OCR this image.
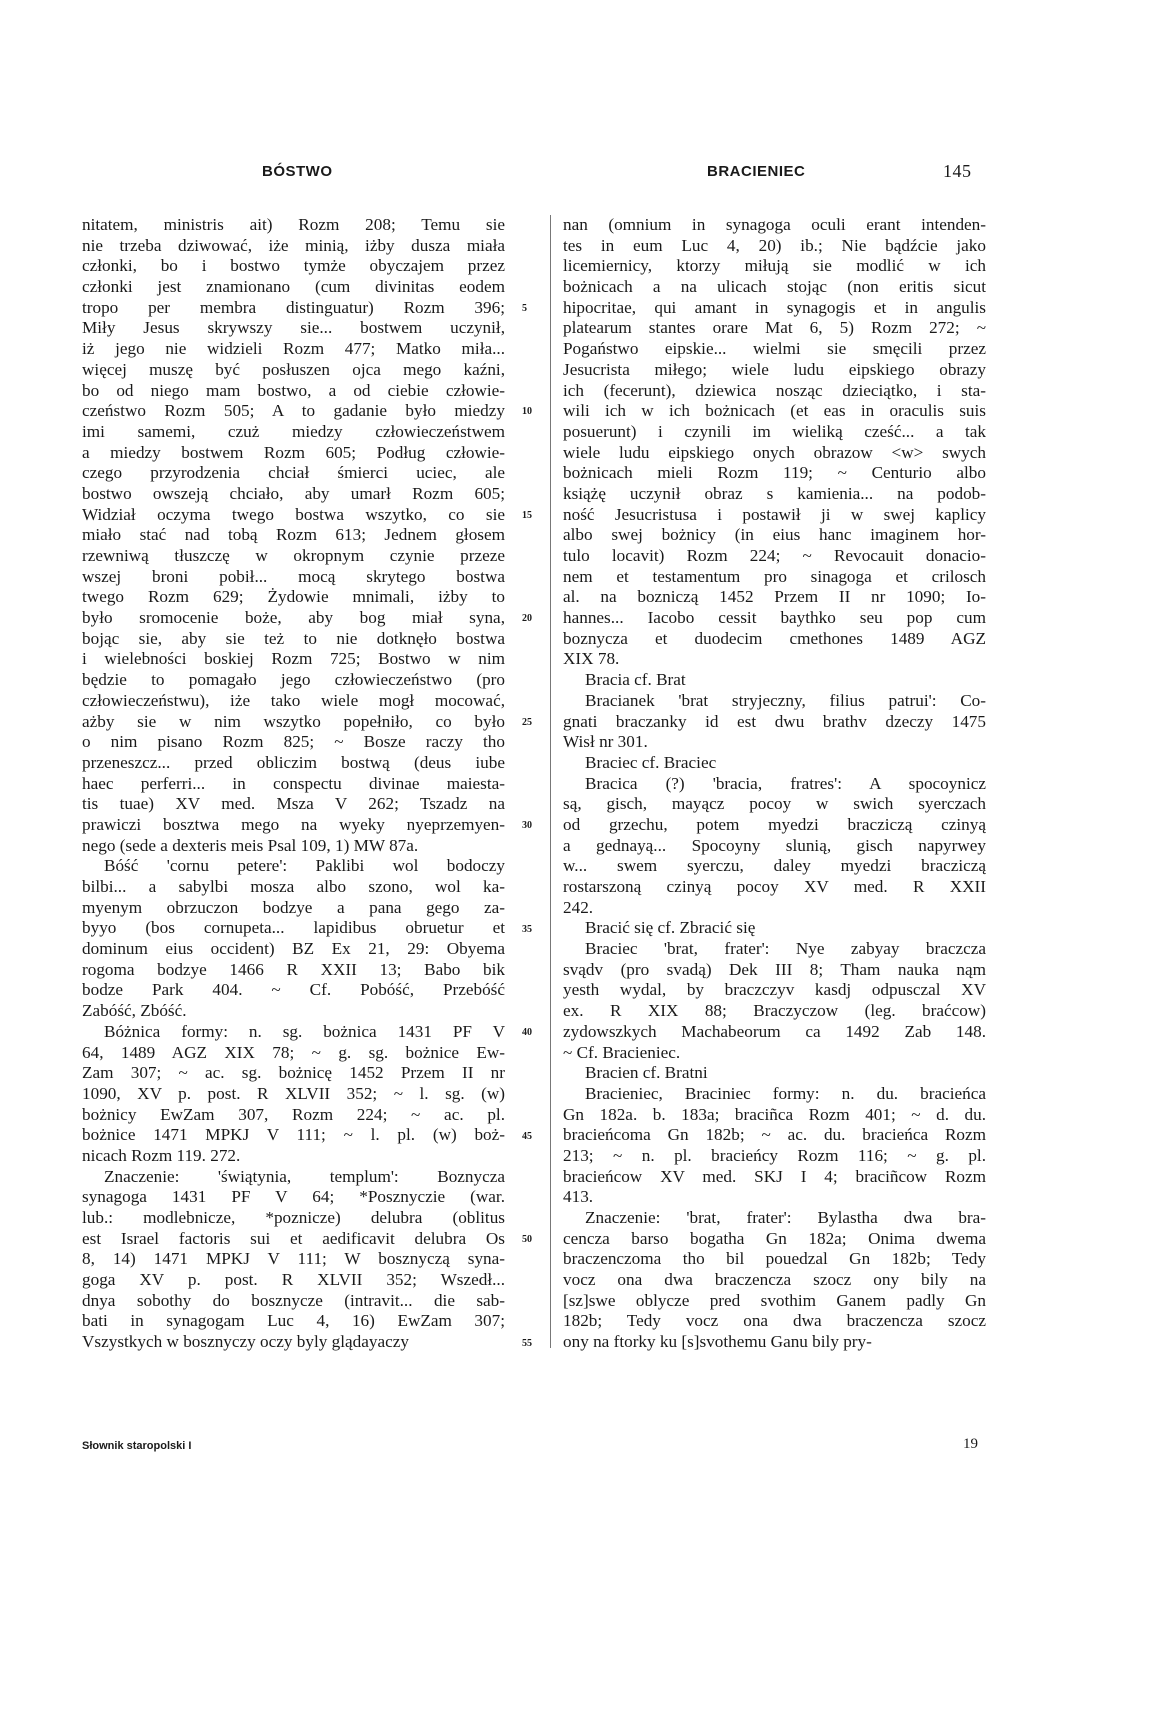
BÓSTWO	BRACIENIEC	145
nitatem, ministris ait) Rozm 208; Temu sie
nie trzeba dziwować, iże minią, iżby dusza miała
członki, bo i bostwo tymże obyczajem przez
członki jest znamionano (cum divinitas eodem
tropo per membra distinguatur) Rozm 396;
Miły Jesus skrywszy sie... bostwem uczynił,
iż jego nie widzieli Rozm 477; Matko miła...
więcej muszę być posłuszen ojca mego kaźni,
bo od niego mam bostwo, a od ciebie człowie-
czeństwo Rozm 505; A to gadanie było miedzy
imi samemi, czuż miedzy człowieczeństwem
a miedzy bostwem Rozm 605; Podług człowie-
czego przyrodzenia chciał śmierci uciec, ale
bostwo owszeją chciało, aby umarł Rozm 605;
Widział oczyma twego bostwa wszytko, co sie
miało stać nad tobą Rozm 613; Jednem głosem
rzewniwą tłuszczę w okropnym czynie przeze
wszej broni pobił... mocą skrytego bostwa
twego Rozm 629; Żydowie mnimali, iżby to
było sromocenie boże, aby bog miał syna,
bojąc sie, aby sie też to nie dotknęło bostwa
i wielebności boskiej Rozm 725; Bostwo w nim
będzie to pomagało jego człowieczeństwo (pro
człowieczeństwu), iże tako wiele mogł mocować,
ażby sie w nim wszytko popełniło, co było
o nim pisano Rozm 825; ~ Bosze raczy tho
przeneszcz... przed obliczim bostwą (deus iube
haec perferri... in conspectu divinae maiesta-
tis tuae) XV med. Msza V 262; Tszadz na
prawiczi bosztwa mego na wyeky nyeprzemyen-
nego (sede a dexteris meis Psal 109, 1) MW 87a.
Bóść 'cornu petere': Paklibi wol bodoczy
bilbi... a sabylbi mosza albo szono, wol ka-
myenym obrzuczon bodzye a pana gego za-
byyo (bos cornupeta... lapidibus obruetur et
dominum eius occident) BZ Ex 21, 29: Obyema
rogoma bodzye 1466 R XXII 13; Babo bik
bodze Park 404. ~ Cf. Pobóść, Przebóść
Zabóść, Zbóść.
Bóżnica formy: n. sg. bożnica 1431 PF V
64, 1489 AGZ XIX 78; ~ g. sg. bożnice Ew-
Zam 307; ~ ac. sg. bożnicę 1452 Przem II nr
1090, XV p. post. R XLVII 352; ~ l. sg. (w)
bożnicy EwZam 307, Rozm 224; ~ ac. pl.
bożnice 1471 MPKJ V 111; ~ l. pl. (w) boż-
nicach Rozm 119. 272.
Znaczenie: 'świątynia, templum': Boznycza
synagoga 1431 PF V 64; *Posznyczie (war.
lub.: modlebnicze, *poznicze) delubra (oblitus
est Israel factoris sui et aedificavit delubra Os
8, 14) 1471 MPKJ V 111; W bosznyczą syna-
goga XV p. post. R XLVII 352; Wszedł...
dnya sobothy do bosznycze (intravit... die sab-
bati in synagogam Luc 4, 16) EwZam 307;
Vszystkych w bosznyczy oczy byly glądayaczy
5
10
15
20
25
30
35
40
45
50
55
nan (omnium in synagoga oculi erant intenden-
tes in eum Luc 4, 20) ib.; Nie bądźcie jako
licemiernicy, ktorzy miłują sie modlić w ich
bożnicach a na ulicach stojąc (non eritis sicut
hipocritae, qui amant in synagogis et in angulis
platearum stantes orare Mat 6, 5) Rozm 272; ~
Pogaństwo eipskie... wielmi sie smęcili przez
Jesucrista miłego; wiele ludu eipskiego obrazy
ich (fecerunt), dziewica nosząc dzieciątko, i sta-
wili ich w ich bożnicach (et eas in oraculis suis
posuerunt) i czynili im wieliką cześć... a tak
wiele ludu eipskiego onych obrazow <w> swych
bożnicach mieli Rozm 119; ~ Centurio albo
książę uczynił obraz s kamienia... na podob-
ność Jesucristusa i postawił ji w swej kaplicy
albo swej bożnicy (in eius hanc imaginem hor-
tulo locavit) Rozm 224; ~ Revocauit donacio-
nem et testamentum pro sinagoga et crilosch
al. na bozniczą 1452 Przem II nr 1090; Io-
hannes... Iacobo cessit baythko seu pop cum
boznycza et duodecim cmethones 1489 AGZ
XIX 78.
Bracia cf. Brat
Bracianek 'brat stryjeczny, filius patrui': Co-
gnati braczanky id est dwu brathv dzeczy 1475
Wisł nr 301.
Braciec cf. Braciec
Bracica (?) 'bracia, fratres': A spocoynicz
są, gisch, mayącz pocoy w swich syerczach
od grzechu, potem myedzi bracziczą czinyą
a gednayą... Spocoyny slunią, gisch napyrwey
w... swem syerczu, daley myedzi bracziczą
rostarszoną czinyą pocoy XV med. R XXII
242.
Bracić się cf. Zbracić się
Braciec 'brat, frater': Nye zabyay braczcza
svądv (pro svadą) Dek III 8; Tham nauka nąm
yesth wydal, by braczczyv kasdj odpusczal XV
ex. R XIX 88; Braczyczow (leg. braćcow)
zydowszkych Machabeorum ca 1492 Zab 148.
~ Cf. Bracieniec.
Bracien cf. Bratni
Bracieniec, Braciniec formy: n. du. bracieńca
Gn 182a. b. 183a; braciñca Rozm 401; ~ d. du.
bracieńcoma Gn 182b; ~ ac. du. bracieńca Rozm
213; ~ n. pl. bracieńcy Rozm 116; ~ g. pl.
bracieńcow XV med. SKJ I 4; braciñcow Rozm
413.
Znaczenie: 'brat, frater': Bylastha dwa bra-
cencza barso bogatha Gn 182a; Onima dwema
braczenczoma tho bil pouedzal Gn 182b; Tedy
vocz ona dwa braczencza szocz ony bily na
[sz]swe oblycze pred svothim Ganem padly Gn
182b; Tedy vocz ona dwa braczencza szocz
ony na ftorky ku [s]svothemu Ganu bily pry-
Słownik staropolski I	19
